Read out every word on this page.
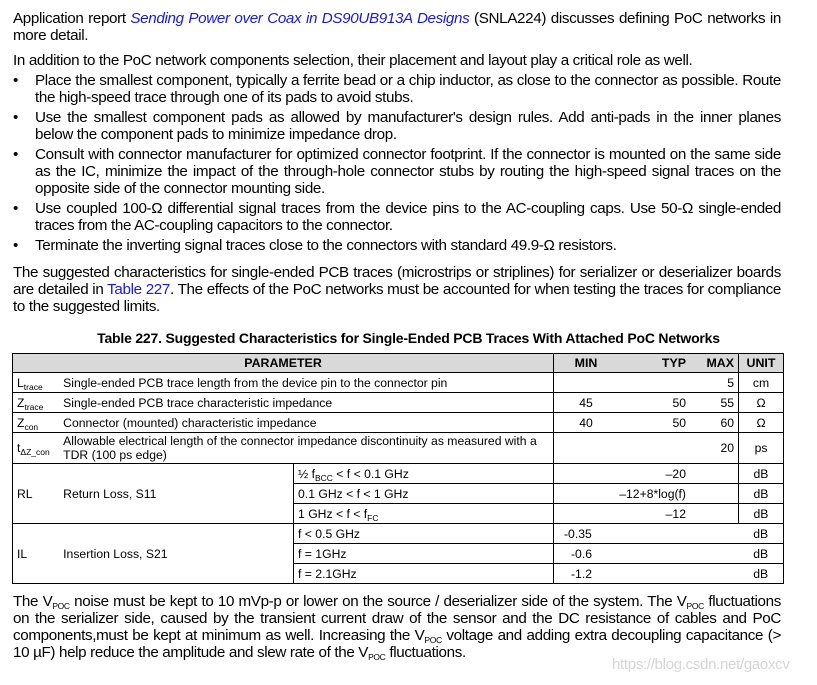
Application report Sending Power over Coax in DS90UB913A Designs (SNLA224) discusses defining PoC networks in more detail.
In addition to the PoC network components selection, their placement and layout play a critical role as well.
• Place the smallest component, typically a ferrite bead or a chip inductor, as close to the connector as possible. Route the high-speed trace through one of its pads to avoid stubs.
• Use the smallest component pads as allowed by manufacturer's design rules. Add anti-pads in the inner planes below the component pads to minimize impedance drop.
• Consult with connector manufacturer for optimized connector footprint. If the connector is mounted on the same side as the IC, minimize the impact of the through-hole connector stubs by routing the high-speed signal traces on the opposite side of the connector mounting side.
• Use coupled 100-Ω differential signal traces from the device pins to the AC-coupling caps. Use 50-Ω single-ended traces from the AC-coupling capacitors to the connector.
• Terminate the inverting signal traces close to the connectors with standard 49.9-Ω resistors.
The suggested characteristics for single-ended PCB traces (microstrips or striplines) for serializer or deserializer boards are detailed in Table 227. The effects of the PoC networks must be accounted for when testing the traces for compliance to the suggested limits.
Table 227. Suggested Characteristics for Single-Ended PCB Traces With Attached PoC Networks
PARAMETER			MIN	TYP	MAX	UNIT
$L_{trace}$	Single-ended PCB trace length from the device pin to the connector pin				5	cm
$Z_{trace}$	Single-ended PCB trace characteristic impedance		45	50	55	Ω
$Z_{con}$	Connector (mounted) characteristic impedance		40	50	60	Ω
$t_{\Delta Z\_con}$	Allowable electrical length of the connector impedance discontinuity as measured with a TDR (100 ps edge)				20	ps
RL	Return Loss, S11	½ $f_{BCC} < f < 0.1$ GHz	–20			dB
		0.1 GHz < f < 1 GHz	–12+8*log(f)			dB
		1 GHz < $f < f_{FC}$	–12			dB
IL	Insertion Loss, S21	f < 0.5 GHz	-0.35			dB
		f = 1GHz	-0.6			dB
		f = 2.1GHz	-1.2			dB
The $V_{POC}$ noise must be kept to 10 mVp-p or lower on the source / deserializer side of the system. The $V_{POC}$ fluctuations on the serializer side, caused by the transient current draw of the sensor and the DC resistance of cables and PoC components,must be kept at minimum as well. Increasing the $V_{POC}$ voltage and adding extra decoupling capacitance (> 10 µF) help reduce the amplitude and slew rate of the $V_{POC}$ fluctuations.
https://blog.csdn.net/gaoxcv
